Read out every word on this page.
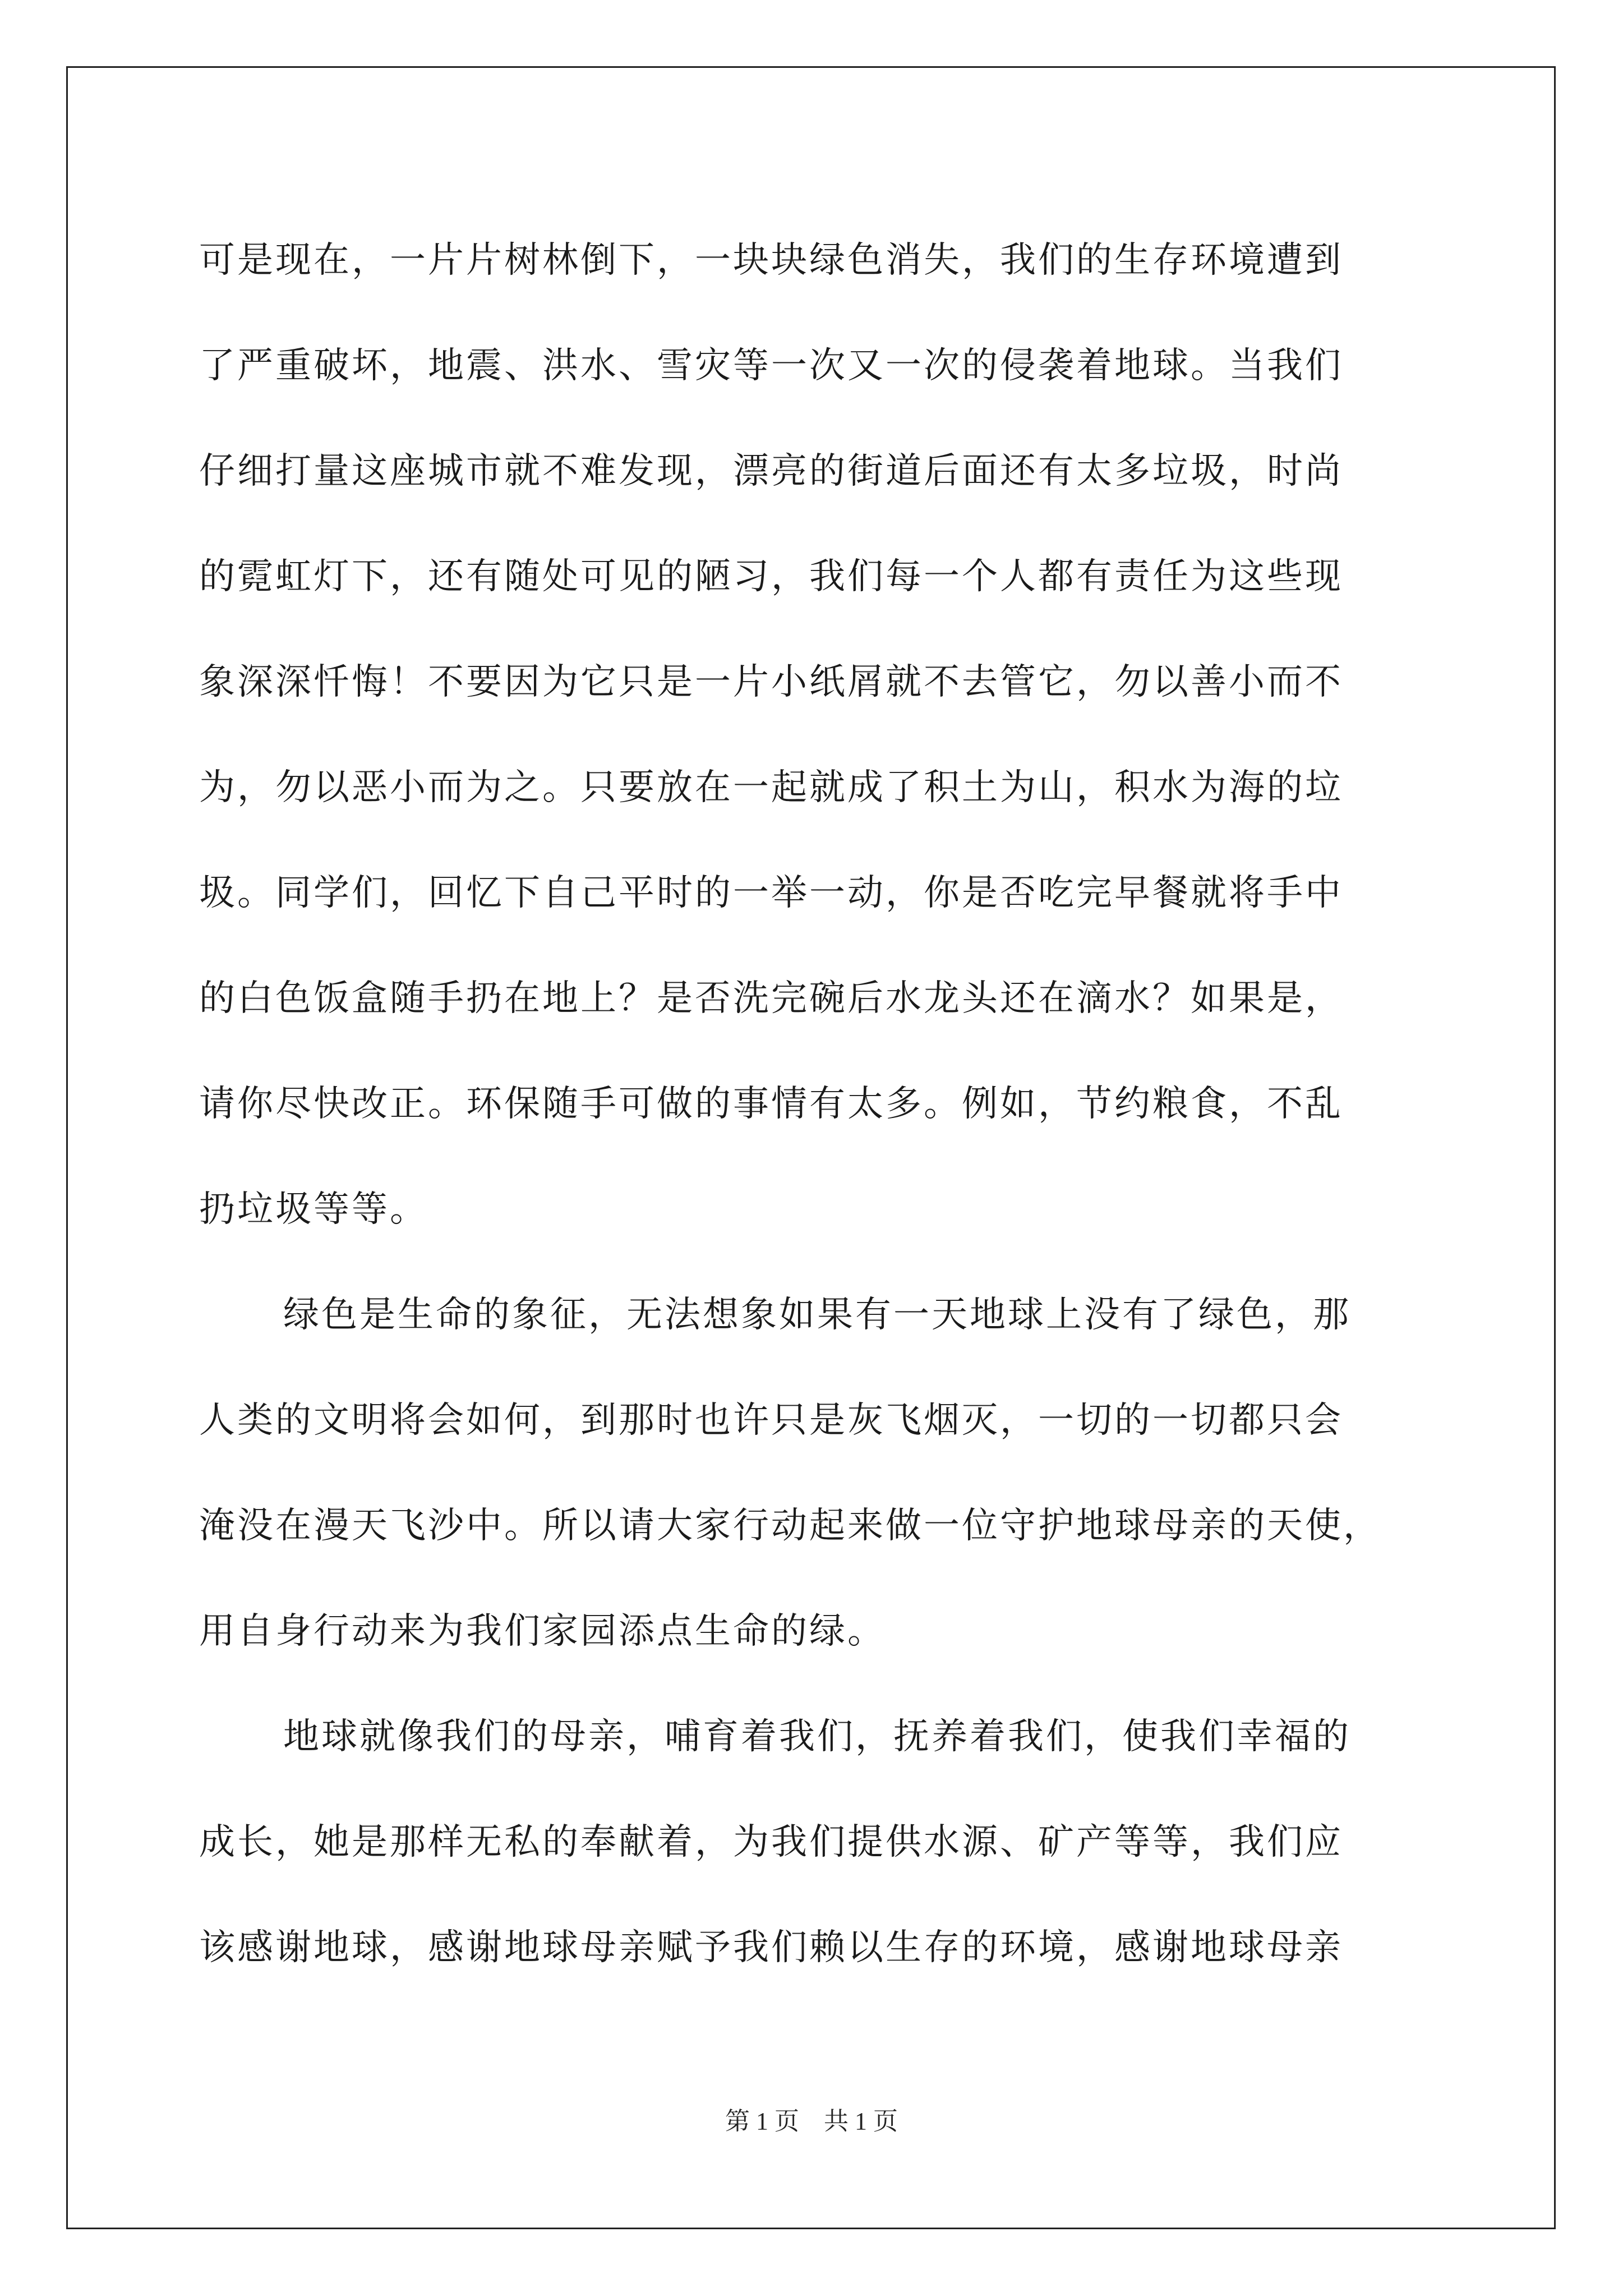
可是现在，一片片树林倒下，一块块绿色消失，我们的生存环境遭到
了严重破坏，地震、洪水、雪灾等一次又一次的侵袭着地球。当我们
仔细打量这座城市就不难发现，漂亮的街道后面还有太多垃圾，时尚
的霓虹灯下，还有随处可见的陋习，我们每一个人都有责任为这些现
象深深忏悔！不要因为它只是一片小纸屑就不去管它，勿以善小而不
为，勿以恶小而为之。只要放在一起就成了积土为山，积水为海的垃
圾。同学们，回忆下自己平时的一举一动，你是否吃完早餐就将手中
的白色饭盒随手扔在地上？是否洗完碗后水龙头还在滴水？如果是，
请你尽快改正。环保随手可做的事情有太多。例如，节约粮食，不乱
扔垃圾等等。
绿色是生命的象征，无法想象如果有一天地球上没有了绿色，那
人类的文明将会如何，到那时也许只是灰飞烟灭，一切的一切都只会
淹没在漫天飞沙中。所以请大家行动起来做一位守护地球母亲的天使，
用自身行动来为我们家园添点生命的绿。
地球就像我们的母亲，哺育着我们，抚养着我们，使我们幸福的
成长，她是那样无私的奉献着，为我们提供水源、矿产等等，我们应
该感谢地球，感谢地球母亲赋予我们赖以生存的环境，感谢地球母亲
第 1 页　共 1 页
